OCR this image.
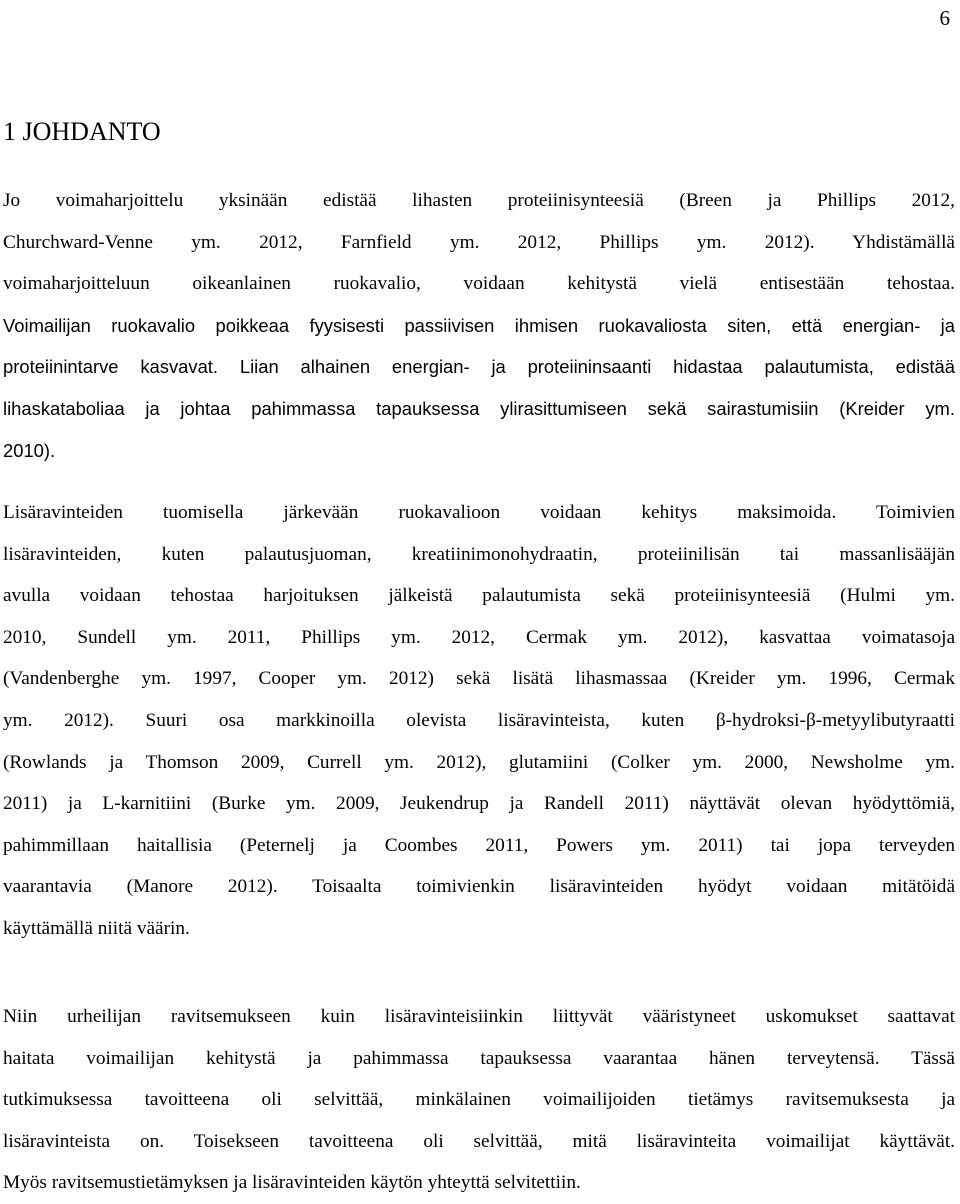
6
1 JOHDANTO
Jo voimaharjoittelu yksinään edistää lihasten proteiinisynteesiä (Breen ja Phillips 2012,
Churchward-Venne ym. 2012, Farnfield ym. 2012, Phillips ym. 2012). Yhdistämällä
voimaharjoitteluun oikeanlainen ruokavalio, voidaan kehitystä vielä entisestään tehostaa.
Voimailijan ruokavalio poikkeaa fyysisesti passiivisen ihmisen ruokavaliosta siten, että energian- ja
proteiinintarve kasvavat. Liian alhainen energian- ja proteiininsaanti hidastaa palautumista, edistää
lihaskataboliaa ja johtaa pahimmassa tapauksessa ylirasittumiseen sekä sairastumisiin (Kreider ym.
2010).
Lisäravinteiden tuomisella järkevään ruokavalioon voidaan kehitys maksimoida. Toimivien
lisäravinteiden, kuten palautusjuoman, kreatiinimonohydraatin, proteiinilisän tai massanlisääjän
avulla voidaan tehostaa harjoituksen jälkeistä palautumista sekä proteiinisynteesiä (Hulmi ym.
2010, Sundell ym. 2011, Phillips ym. 2012, Cermak ym. 2012), kasvattaa voimatasoja
(Vandenberghe ym. 1997, Cooper ym. 2012) sekä lisätä lihasmassaa (Kreider ym. 1996, Cermak
ym. 2012). Suuri osa markkinoilla olevista lisäravinteista, kuten β-hydroksi-β-metyylibutyraatti
(Rowlands ja Thomson 2009, Currell ym. 2012), glutamiini (Colker ym. 2000, Newsholme ym.
2011) ja L-karnitiini (Burke ym. 2009, Jeukendrup ja Randell 2011) näyttävät olevan hyödyttömiä,
pahimmillaan haitallisia (Peternelj ja Coombes 2011, Powers ym. 2011) tai jopa terveyden
vaarantavia (Manore 2012). Toisaalta toimivienkin lisäravinteiden hyödyt voidaan mitätöidä
käyttämällä niitä väärin.
Niin urheilijan ravitsemukseen kuin lisäravinteisiinkin liittyvät vääristyneet uskomukset saattavat
haitata voimailijan kehitystä ja pahimmassa tapauksessa vaarantaa hänen terveytensä. Tässä
tutkimuksessa tavoitteena oli selvittää, minkälainen voimailijoiden tietämys ravitsemuksesta ja
lisäravinteista on. Toisekseen tavoitteena oli selvittää, mitä lisäravinteita voimailijat käyttävät.
Myös ravitsemustietämyksen ja lisäravinteiden käytön yhteyttä selvitettiin.
